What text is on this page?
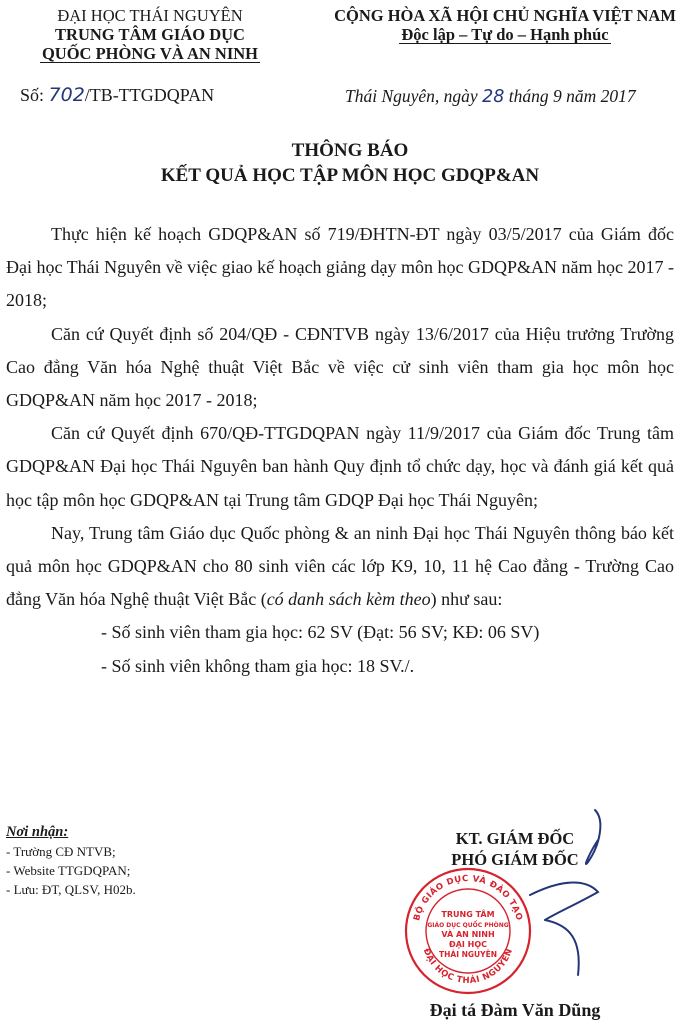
ĐẠI HỌC THÁI NGUYÊN
TRUNG TÂM GIÁO DỤC
QUỐC PHÒNG VÀ AN NINH
CỘNG HÒA XÃ HỘI CHỦ NGHĨA VIỆT NAM
Độc lập – Tự do – Hạnh phúc
Số: 702/TB-TTGDQPAN	Thái Nguyên, ngày 28 tháng 9 năm 2017
THÔNG BÁO
KẾT QUẢ HỌC TẬP MÔN HỌC GDQP&AN

Thực hiện kế hoạch GDQP&AN số 719/ĐHTN-ĐT ngày 03/5/2017 của Giám đốc Đại học Thái Nguyên về việc giao kế hoạch giảng dạy môn học GDQP&AN năm học 2017 - 2018;

Căn cứ Quyết định số 204/QĐ - CĐNTVB ngày 13/6/2017 của Hiệu trưởng Trường Cao đẳng Văn hóa Nghệ thuật Việt Bắc về việc cử sinh viên tham gia học môn học GDQP&AN năm học 2017 - 2018;

Căn cứ Quyết định 670/QĐ-TTGDQPAN ngày 11/9/2017 của Giám đốc Trung tâm GDQP&AN Đại học Thái Nguyên ban hành Quy định tổ chức dạy, học và đánh giá kết quả học tập môn học GDQP&AN tại Trung tâm GDQP Đại học Thái Nguyên;

Nay, Trung tâm Giáo dục Quốc phòng & an ninh Đại học Thái Nguyên thông báo kết quả môn học GDQP&AN cho 80 sinh viên các lớp K9, 10, 11 hệ Cao đẳng - Trường Cao đẳng Văn hóa Nghệ thuật Việt Bắc (có danh sách kèm theo) như sau:

- Số sinh viên tham gia học: 62 SV (Đạt: 56 SV; KĐ: 06 SV)

- Số sinh viên không tham gia học: 18 SV./.

Nơi nhận:
- Trường CĐ NTVB;
- Website TTGDQPAN;
- Lưu: ĐT, QLSV, H02b.
KT. GIÁM ĐỐC
PHÓ GIÁM ĐỐC
BỘ GIÁO DỤC VÀ ĐÀO TẠO
ĐẠI HỌC THÁI NGUYÊN
TRUNG TÂM
GIÁO DỤC QUỐC PHÒNG
VÀ AN NINH
ĐẠI HỌC
THÁI NGUYÊN
Đại tá Đàm Văn Dũng
